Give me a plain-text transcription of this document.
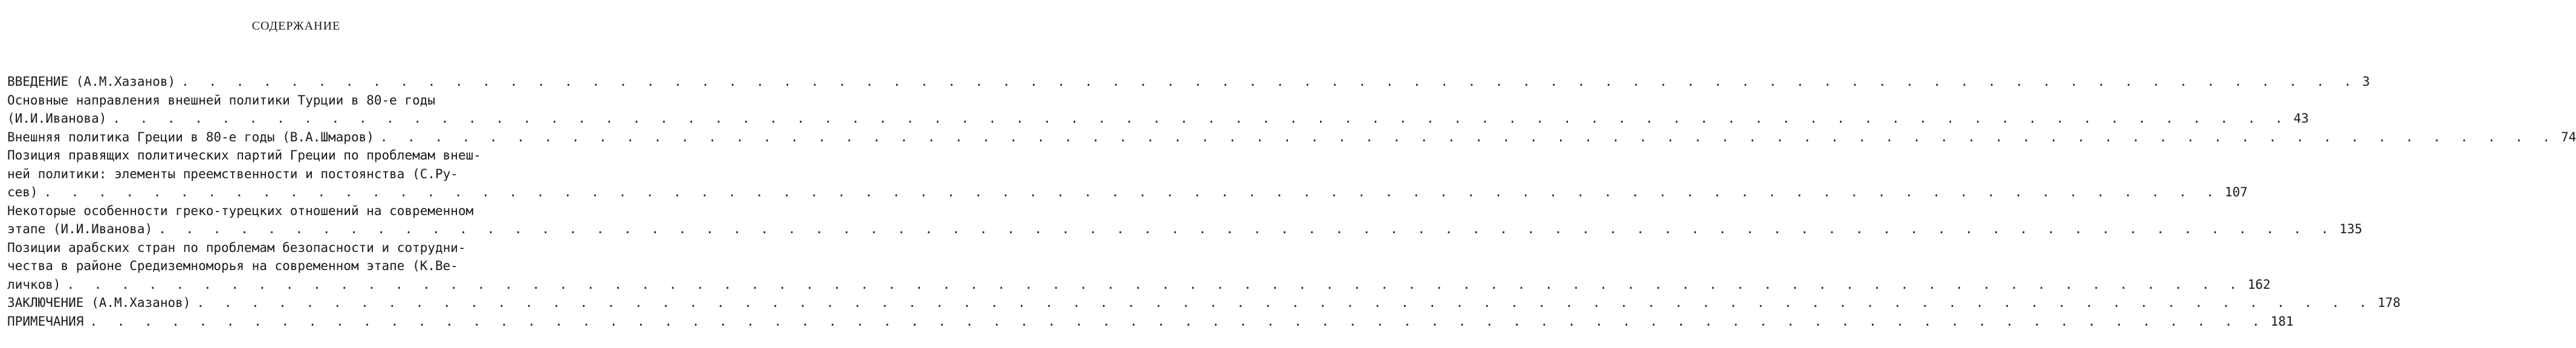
СОДЕРЖАНИЕ
ВВЕДЕНИЕ (А.М.Хазанов) . . . . . . . . . . . . . . . . . . . . . . . . . . . . . . . . . . . . . . . . . . . . . . . . . . . . . . . . . . . . . . . . . . . . . . . . . . . . . . . . 3
Основные направления внешней политики Турции в 80-е годы
(И.И.Иванова) . . . . . . . . . . . . . . . . . . . . . . . . . . . . . . . . . . . . . . . . . . . . . . . . . . . . . . . . . . . . . . . . . . . . . . . . . . . . . . . . 43
Внешняя политика Греции в 80-е годы (В.А.Шмаров) . . . . . . . . . . . . . . . . . . . . . . . . . . . . . . . . . . . . . . . . . . . . . . . . . . . . . . . . . . . . . . . . . . . . . . . . . . . . . . . . 74
Позиция правящих политических партий Греции по проблемам внеш-
ней политики: элементы преемственности и постоянства (С.Ру-
сев) . . . . . . . . . . . . . . . . . . . . . . . . . . . . . . . . . . . . . . . . . . . . . . . . . . . . . . . . . . . . . . . . . . . . . . . . . . . . . . . . 107
Некоторые особенности греко-турецких отношений на современном
этапе (И.И.Иванова) . . . . . . . . . . . . . . . . . . . . . . . . . . . . . . . . . . . . . . . . . . . . . . . . . . . . . . . . . . . . . . . . . . . . . . . . . . . . . . . . 135
Позиции арабских стран по проблемам безопасности и сотрудни-
чества в районе Средиземноморья на современном этапе (К.Ве-
личков) . . . . . . . . . . . . . . . . . . . . . . . . . . . . . . . . . . . . . . . . . . . . . . . . . . . . . . . . . . . . . . . . . . . . . . . . . . . . . . . . 162
ЗАКЛЮЧЕНИЕ (А.М.Хазанов) . . . . . . . . . . . . . . . . . . . . . . . . . . . . . . . . . . . . . . . . . . . . . . . . . . . . . . . . . . . . . . . . . . . . . . . . . . . . . . . . 178
ПРИМЕЧАНИЯ . . . . . . . . . . . . . . . . . . . . . . . . . . . . . . . . . . . . . . . . . . . . . . . . . . . . . . . . . . . . . . . . . . . . . . . . . . . . . . . . 181
